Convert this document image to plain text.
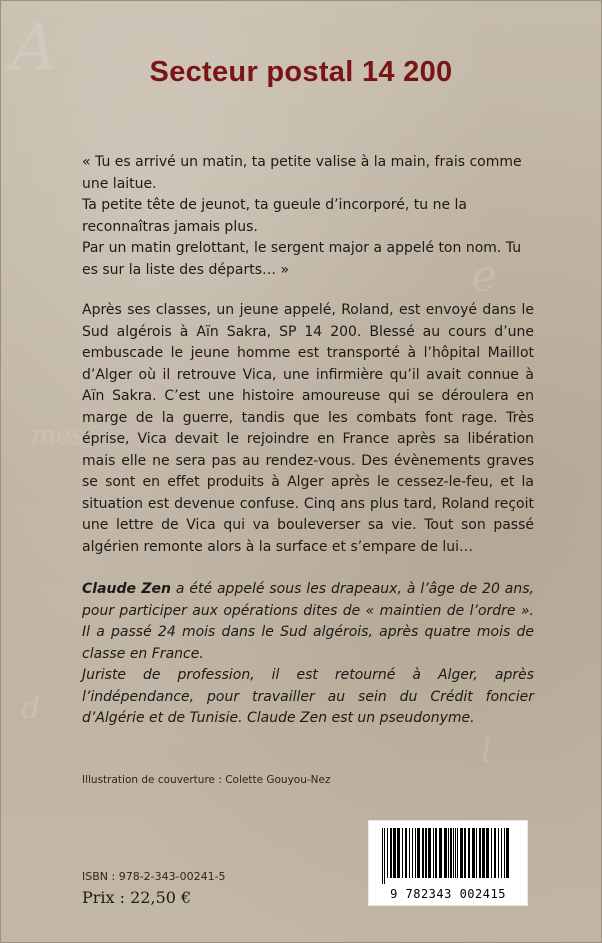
A
mes
e
l
d
Secteur postal 14 200

« Tu es arrivé un matin, ta petite valise à la main, frais comme une laitue.

Ta petite tête de jeunot, ta gueule d’incorporé, tu ne la reconnaîtras jamais plus.

Par un matin grelottant, le sergent major a appelé ton nom. Tu es sur la liste des départs… »

Après ses classes, un jeune appelé, Roland, est envoyé dans le Sud algérois à Aïn Sakra, SP 14 200. Blessé au cours d’une embuscade le jeune homme est transporté à l’hôpital Maillot d’Alger où il retrouve Vica, une infirmière qu’il avait connue à Aïn Sakra. C’est une histoire amoureuse qui se déroulera en marge de la guerre, tandis que les combats font rage. Très éprise, Vica devait le rejoindre en France après sa libération mais elle ne sera pas au rendez-vous. Des évènements graves se sont en effet produits à Alger après le cessez-le-feu, et la situation est devenue confuse. Cinq ans plus tard, Roland reçoit une lettre de Vica qui va bouleverser sa vie. Tout son passé algérien remonte alors à la surface et s’empare de lui…

Claude Zen a été appelé sous les drapeaux, à l’âge de 20 ans, pour participer aux opérations dites de « maintien de l’ordre ». Il a passé 24 mois dans le Sud algérois, après quatre mois de classe en France.

Juriste de profession, il est retourné à Alger, après l’indépendance, pour travailler au sein du Crédit foncier d’Algérie et de Tunisie. Claude Zen est un pseudonyme.

Illustration de couverture : Colette Gouyou-Nez
ISBN : 978-2-343-00241-5
Prix : 22,50 €	9 782343 002415
